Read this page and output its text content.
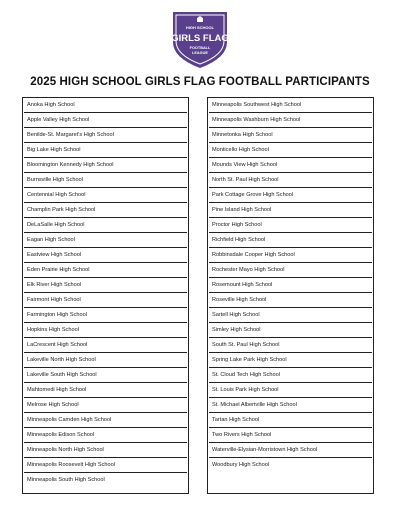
HIGH SCHOOL
GIRLS FLAG
FOOTBALL
LEAGUE
2025 HIGH SCHOOL GIRLS FLAG FOOTBALL PARTICIPANTS
Anoka High School
Apple Valley High School
Benilde-St. Margaret's High School
Big Lake High School
Bloomington Kennedy High School
Burnsville High School
Centennial High School
Champlin Park High School
DeLaSalle High School
Eagan High School
Eastview High School
Eden Prairie High School
Elk River High School
Fairmont High School
Farmington High School
Hopkins High School
LaCrescent High School
Lakeville North High School
Lakeville South High School
Mahtomedi High School
Melrose High School
Minneapolis Camden High School
Minneapolis Edison School
Minneapolis North High School
Minneapolis Roosevelt High School
Minneapolis South High School
Minneapolis Southwest High School
Minneapolis Washburn High School
Minnetonka High School
Monticello High School
Mounds View High School
North St. Paul High School
Park Cottage Grove High School
Pine Island High School
Proctor High School
Richfield High School
Robbinsdale Cooper High School
Rochester Mayo High School
Rosemount High School
Roseville High School
Sartell High School
Simley High School
South St. Paul High School
Spring Lake Park High School
St. Cloud Tech High School
St. Louis Park High School
St. Michael Albertville High School
Tartan High School
Two Rivers High School
Waterville-Elysian-Morristown High School
Woodbury High School
